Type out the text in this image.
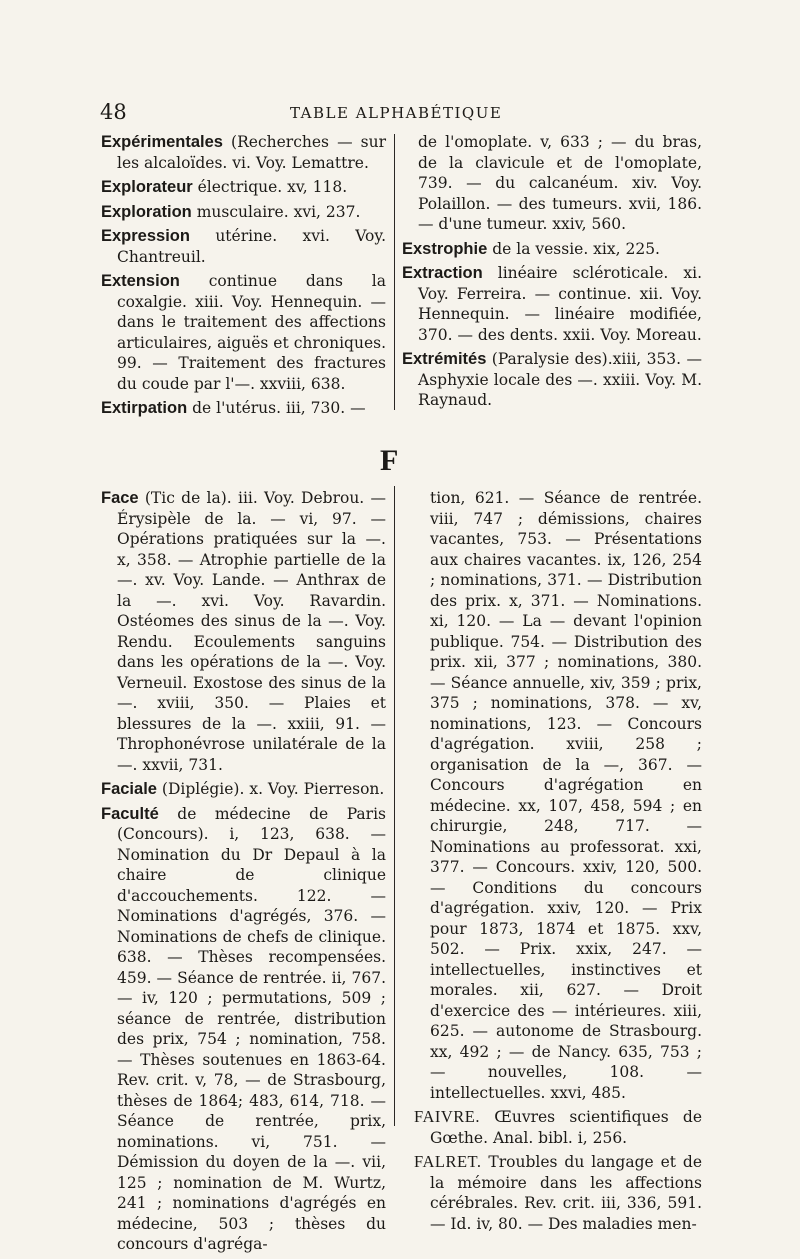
48	TABLE ALPHABÉTIQUE
Expérimentales (Recherches — sur les alcaloïdes. vi. Voy. Lemattre.
Explorateur électrique. xv, 118.
Exploration musculaire. xvi, 237.
Expression utérine. xvi. Voy. Chantreuil.
Extension continue dans la coxalgie. xiii. Voy. Hennequin. — dans le traitement des affections articulaires, aiguës et chroniques. 99. — Traitement des fractures du coude par l'—. xxviii, 638.
Extirpation de l'utérus. iii, 730. —
de l'omoplate. v, 633 ; — du bras, de la clavicule et de l'omoplate, 739. — du calcanéum. xiv. Voy. Polaillon. — des tumeurs. xvii, 186. — d'une tumeur. xxiv, 560.
Exstrophie de la vessie. xix, 225.
Extraction linéaire scléroticale. xi. Voy. Ferreira. — continue. xii. Voy. Hennequin. — linéaire modifiée, 370. — des dents. xxii. Voy. Moreau.
Extrémités (Paralysie des).xiii, 353. — Asphyxie locale des —. xxiii. Voy. M. Raynaud.
F
Face (Tic de la). iii. Voy. Debrou. — Érysipèle de la. — vi, 97. — Opérations pratiquées sur la —. x, 358. — Atrophie partielle de la —. xv. Voy. Lande. — Anthrax de la —. xvi. Voy. Ravardin. Ostéomes des sinus de la —. Voy. Rendu. Ecoulements sanguins dans les opérations de la —. Voy. Verneuil. Exostose des sinus de la —. xviii, 350. — Plaies et blessures de la —. xxiii, 91. — Throphonévrose unilatérale de la —. xxvii, 731.
Faciale (Diplégie). x. Voy. Pierreson.
Faculté de médecine de Paris (Concours). i, 123, 638. — Nomination du Dr Depaul à la chaire de clinique d'accouchements. 122. — Nominations d'agrégés, 376. — Nominations de chefs de clinique. 638. — Thèses recompensées. 459. — Séance de rentrée. ii, 767. — iv, 120 ; permutations, 509 ; séance de rentrée, distribution des prix, 754 ; nomination, 758. — Thèses soutenues en 1863-64. Rev. crit. v, 78, — de Strasbourg, thèses de 1864; 483, 614, 718. — Séance de rentrée, prix, nominations. vi, 751. — Démission du doyen de la —. vii, 125 ; nomination de M. Wurtz, 241 ; nominations d'agrégés en médecine, 503 ; thèses du concours d'agréga-
tion, 621. — Séance de rentrée. viii, 747 ; démissions, chaires vacantes, 753. — Présentations aux chaires vacantes. ix, 126, 254 ; nominations, 371. — Distribution des prix. x, 371. — Nominations. xi, 120. — La — devant l'opinion publique. 754. — Distribution des prix. xii, 377 ; nominations, 380. — Séance annuelle, xiv, 359 ; prix, 375 ; nominations, 378. — xv, nominations, 123. — Concours d'agrégation. xviii, 258 ; organisation de la —, 367. — Concours d'agrégation en médecine. xx, 107, 458, 594 ; en chirurgie, 248, 717. — Nominations au professorat. xxi, 377. — Concours. xxiv, 120, 500. — Conditions du concours d'agrégation. xxiv, 120. — Prix pour 1873, 1874 et 1875. xxv, 502. — Prix. xxix, 247. — intellectuelles, instinctives et morales. xii, 627. — Droit d'exercice des — intérieures. xiii, 625. — autonome de Strasbourg. xx, 492 ; — de Nancy. 635, 753 ; — nouvelles, 108. — intellectuelles. xxvi, 485.
FAIVRE. Œuvres scientifiques de Gœthe. Anal. bibl. i, 256.
FALRET. Troubles du langage et de la mémoire dans les affections cérébrales. Rev. crit. iii, 336, 591. — Id. iv, 80. — Des maladies men-
